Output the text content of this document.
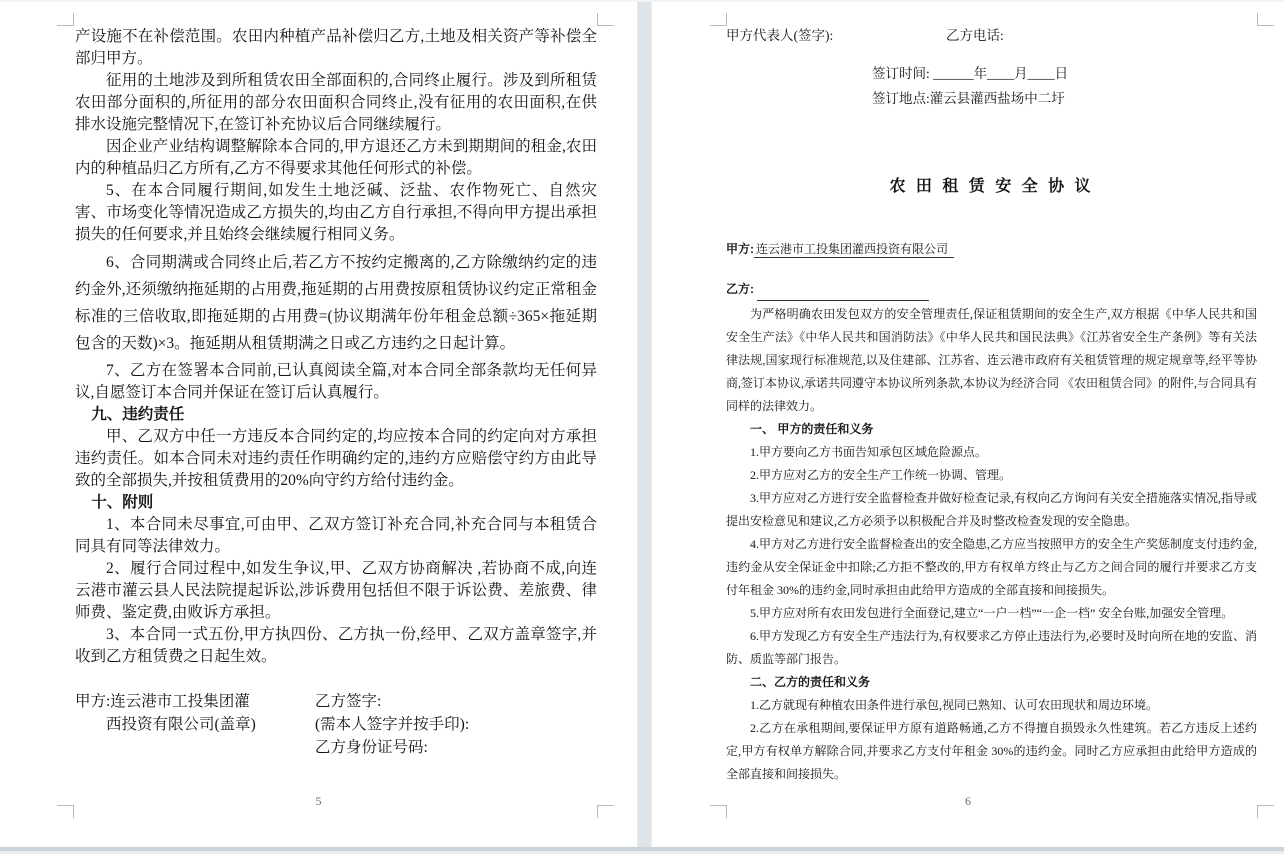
产设施不在补偿范围。农田内种植产品补偿归乙方,土地及相关资产等补偿全部归甲方。

征用的土地涉及到所租赁农田全部面积的,合同终止履行。涉及到所租赁农田部分面积的,所征用的部分农田面积合同终止,没有征用的农田面积,在供排水设施完整情况下,在签订补充协议后合同继续履行。

因企业产业结构调整解除本合同的,甲方退还乙方未到期期间的租金,农田内的种植品归乙方所有,乙方不得要求其他任何形式的补偿。

5、在本合同履行期间,如发生土地泛碱、泛盐、农作物死亡、自然灾害、市场变化等情况造成乙方损失的,均由乙方自行承担,不得向甲方提出承担损失的任何要求,并且始终会继续履行相同义务。

6、合同期满或合同终止后,若乙方不按约定搬离的,乙方除缴纳约定的违约金外,还须缴纳拖延期的占用费,拖延期的占用费按原租赁协议约定正常租金标准的三倍收取,即拖延期的占用费=(协议期满年份年租金总额÷365×拖延期包含的天数)×3。拖延期从租赁期满之日或乙方违约之日起计算。

7、乙方在签署本合同前,已认真阅读全篇,对本合同全部条款均无任何异议,自愿签订本合同并保证在签订后认真履行。

九、违约责任

甲、乙双方中任一方违反本合同约定的,均应按本合同的约定向对方承担违约责任。如本合同未对违约责任作明确约定的,违约方应赔偿守约方由此导致的全部损失,并按租赁费用的20%向守约方给付违约金。

十、附则

1、本合同未尽事宜,可由甲、乙双方签订补充合同,补充合同与本租赁合同具有同等法律效力。

2、履行合同过程中,如发生争议,甲、乙双方协商解决 ,若协商不成,向连云港市灌云县人民法院提起诉讼,涉诉费用包括但不限于诉讼费、差旅费、律师费、鉴定费,由败诉方承担。

3、本合同一式五份,甲方执四份、乙方执一份,经甲、乙双方盖章签字,并收到乙方租赁费之日起生效。

甲方:连云港市工投集团灌
西投资有限公司(盖章)
乙方签字:
(需本人签字并按手印):
乙方身份证号码:
5
甲方代表人(签字):	乙方电话:
签订时间: ______年____月____日
签订地点:灌云县灌西盐场中二圩
农 田 租 赁 安 全 协 议
甲方: 连云港市工投集团灌西投资有限公司
乙方:

为严格明确农田发包双方的安全管理责任,保证租赁期间的安全生产,双方根据《中华人民共和国安全生产法》《中华人民共和国消防法》《中华人民共和国民法典》《江苏省安全生产条例》等有关法律法规,国家现行标准规范,以及住建部、江苏省、连云港市政府有关租赁管理的规定规章等,经平等协商,签订本协议,承诺共同遵守本协议所列条款,本协议为经济合同 《农田租赁合同》的附件,与合同具有同样的法律效力。

一、 甲方的责任和义务

1.甲方要向乙方书面告知承包区域危险源点。

2.甲方应对乙方的安全生产工作统一协调、管理。

3.甲方应对乙方进行安全监督检查并做好检查记录,有权向乙方询问有关安全措施落实情况,指导或提出安检意见和建议,乙方必须予以积极配合并及时整改检查发现的安全隐患。

4.甲方对乙方进行安全监督检查出的安全隐患,乙方应当按照甲方的安全生产奖惩制度支付违约金,违约金从安全保证金中扣除;乙方拒不整改的,甲方有权单方终止与乙方之间合同的履行并要求乙方支付年租金 30%的违约金,同时承担由此给甲方造成的全部直接和间接损失。

5.甲方应对所有农田发包进行全面登记,建立“一户一档”“一企一档” 安全台账,加强安全管理。

6.甲方发现乙方有安全生产违法行为,有权要求乙方停止违法行为,必要时及时向所在地的安监、消防、质监等部门报告。

二、乙方的责任和义务

1.乙方就现有种植农田条件进行承包,视同已熟知、认可农田现状和周边环境。

2.乙方在承租期间,要保证甲方原有道路畅通,乙方不得擅自损毁永久性建筑。若乙方违反上述约定,甲方有权单方解除合同,并要求乙方支付年租金 30%的违约金。同时乙方应承担由此给甲方造成的全部直接和间接损失。

6
